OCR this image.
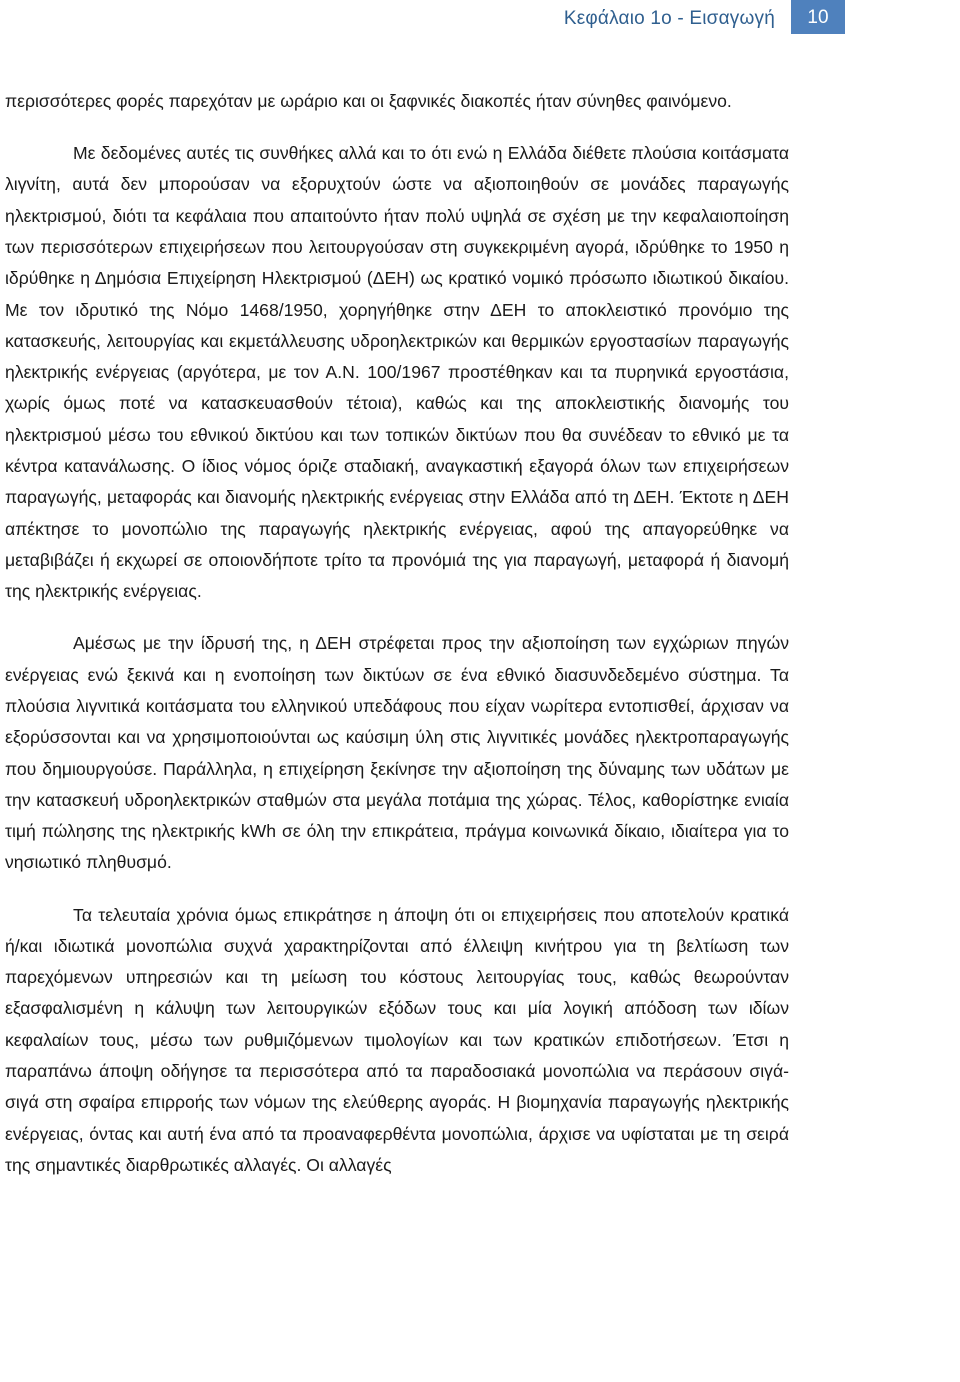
Κεφάλαιο 1ο - Εισαγωγή	10

περισσότερες φορές παρεχόταν με ωράριο και οι ξαφνικές διακοπές ήταν σύνηθες φαινόμενο.

Με δεδομένες αυτές τις συνθήκες αλλά και το ότι ενώ η Ελλάδα διέθετε πλούσια κοιτάσματα λιγνίτη, αυτά δεν μπορούσαν να εξορυχτούν ώστε να αξιοποιηθούν σε μονάδες παραγωγής ηλεκτρισμού, διότι τα κεφάλαια που απαιτούντο ήταν πολύ υψηλά σε σχέση με την κεφαλαιοποίηση των περισσότερων επιχειρήσεων που λειτουργούσαν στη συγκεκριμένη αγορά, ιδρύθηκε το 1950 η ιδρύθηκε η Δημόσια Επιχείρηση Ηλεκτρισμού (ΔΕΗ) ως κρατικό νομικό πρόσωπο ιδιωτικού δικαίου. Με τον ιδρυτικό της Νόμο 1468/1950, χορηγήθηκε στην ΔΕΗ το αποκλειστικό προνόμιο της κατασκευής, λειτουργίας και εκμετάλλευσης υδροηλεκτρικών και θερμικών εργοστασίων παραγωγής ηλεκτρικής ενέργειας (αργότερα, με τον Α.Ν. 100/1967 προστέθηκαν και τα πυρηνικά εργοστάσια, χωρίς όμως ποτέ να κατασκευασθούν τέτοια), καθώς και της αποκλειστικής διανομής του ηλεκτρισμού μέσω του εθνικού δικτύου και των τοπικών δικτύων που θα συνέδεαν το εθνικό με τα κέντρα κατανάλωσης. Ο ίδιος νόμος όριζε σταδιακή, αναγκαστική εξαγορά όλων των επιχειρήσεων παραγωγής, μεταφοράς και διανομής ηλεκτρικής ενέργειας στην Ελλάδα από τη ΔΕΗ. Έκτοτε η ΔΕΗ απέκτησε το μονοπώλιο της παραγωγής ηλεκτρικής ενέργειας, αφού της απαγορεύθηκε να μεταβιβάζει ή εκχωρεί σε οποιονδήποτε τρίτο τα προνόμιά της για παραγωγή, μεταφορά ή διανομή της ηλεκτρικής ενέργειας.

Αμέσως με την ίδρυσή της, η ΔΕΗ στρέφεται προς την αξιοποίηση των εγχώριων πηγών ενέργειας ενώ ξεκινά και η ενοποίηση των δικτύων σε ένα εθνικό διασυνδεδεμένο σύστημα. Τα πλούσια λιγνιτικά κοιτάσματα του ελληνικού υπεδάφους που είχαν νωρίτερα εντοπισθεί, άρχισαν να εξορύσσονται και να χρησιμοποιούνται ως καύσιμη ύλη στις λιγνιτικές μονάδες ηλεκτροπαραγωγής που δημιουργούσε. Παράλληλα, η επιχείρηση ξεκίνησε την αξιοποίηση της δύναμης των υδάτων με την κατασκευή υδροηλεκτρικών σταθμών στα μεγάλα ποτάμια της χώρας. Τέλος, καθορίστηκε ενιαία τιμή πώλησης της ηλεκτρικής kWh σε όλη την επικράτεια, πράγμα κοινωνικά δίκαιο, ιδιαίτερα για το νησιωτικό πληθυσμό.

Τα τελευταία χρόνια όμως επικράτησε η άποψη ότι οι επιχειρήσεις που αποτελούν κρατικά ή/και ιδιωτικά μονοπώλια συχνά χαρακτηρίζονται από έλλειψη κινήτρου για τη βελτίωση των παρεχόμενων υπηρεσιών και τη μείωση του κόστους λειτουργίας τους, καθώς θεωρούνταν εξασφαλισμένη η κάλυψη των λειτουργικών εξόδων τους και μία λογική απόδοση των ιδίων κεφαλαίων τους, μέσω των ρυθμιζόμενων τιμολογίων και των κρατικών επιδοτήσεων. Έτσι η παραπάνω άποψη οδήγησε τα περισσότερα από τα παραδοσιακά μονοπώλια να περάσουν σιγά-σιγά στη σφαίρα επιρροής των νόμων της ελεύθερης αγοράς. Η βιομηχανία παραγωγής ηλεκτρικής ενέργειας, όντας και αυτή ένα από τα προαναφερθέντα μονοπώλια, άρχισε να υφίσταται με τη σειρά της σημαντικές διαρθρωτικές αλλαγές. Οι αλλαγές
